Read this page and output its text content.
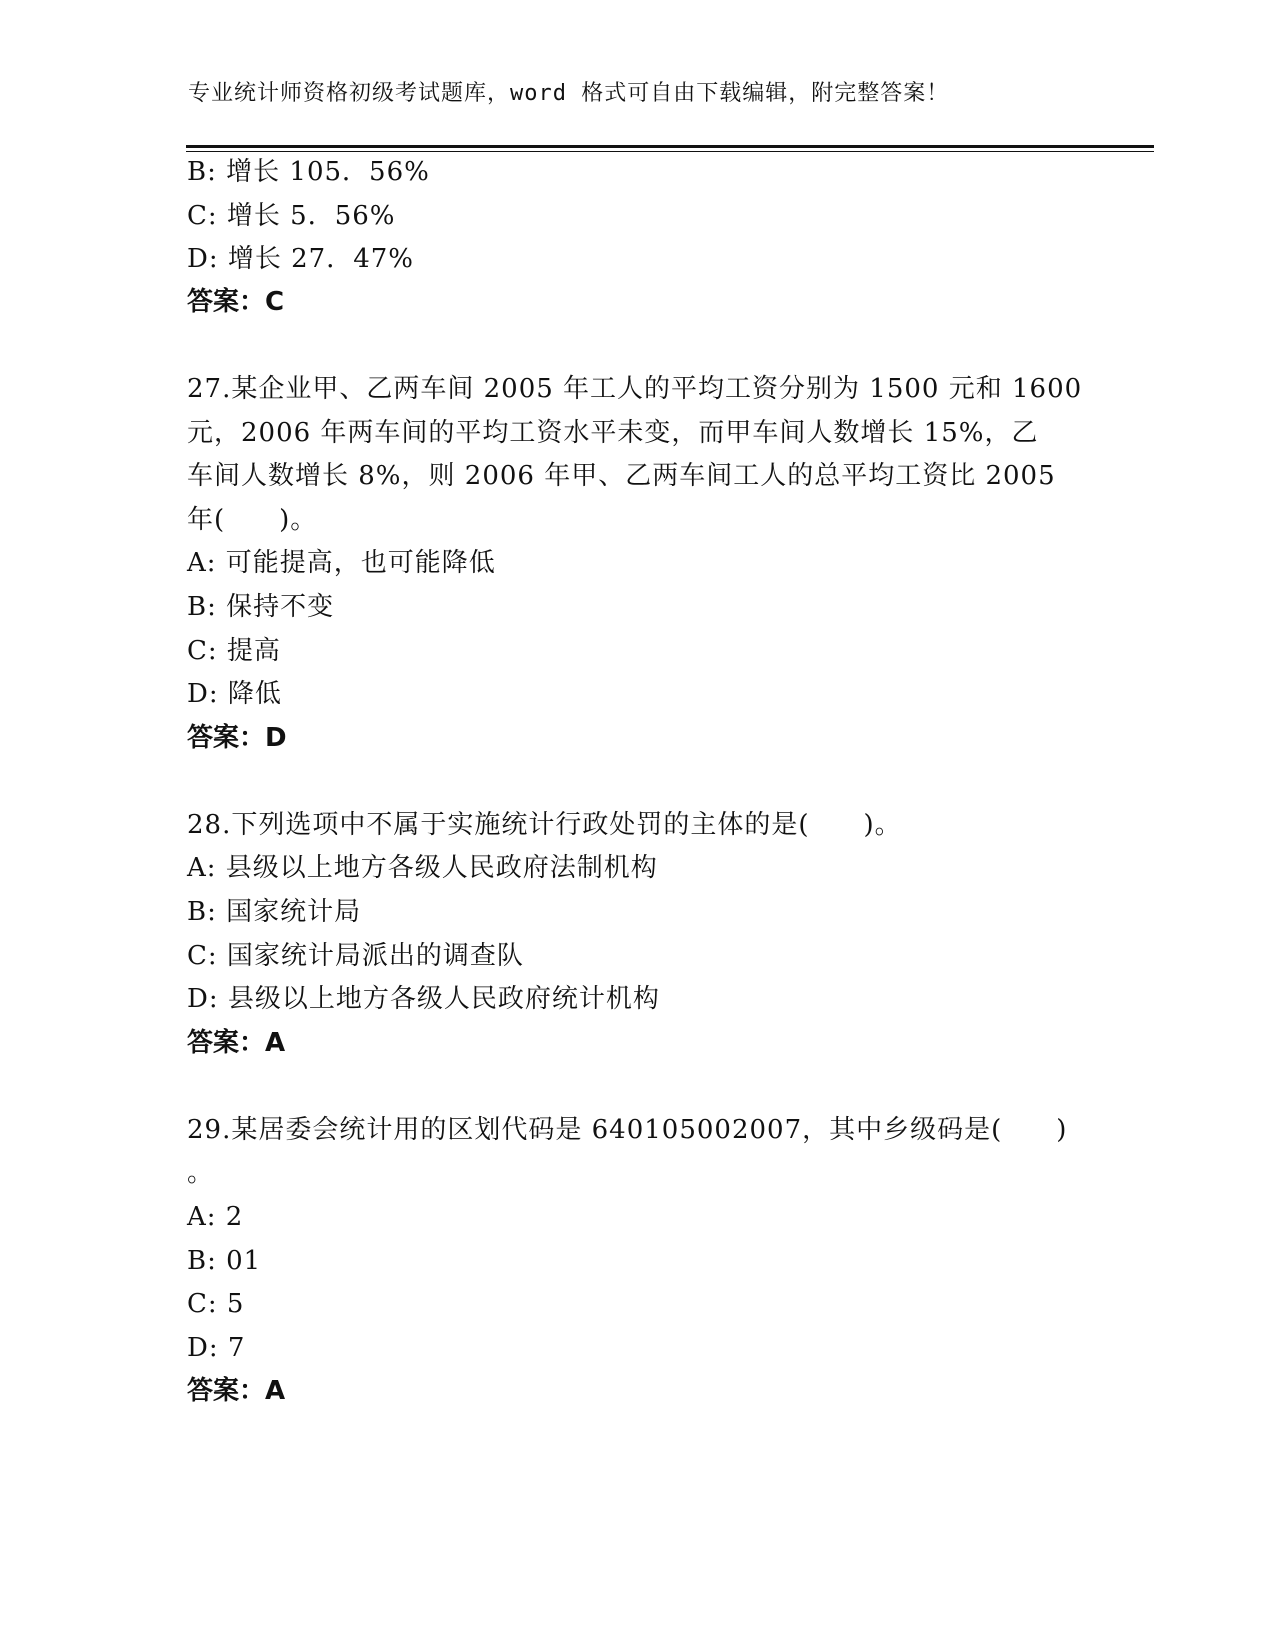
专业统计师资格初级考试题库，word 格式可自由下载编辑，附完整答案！
B: 增长 105．56%
C: 增长 5．56%
D: 增长 27．47%
答案：C
27.某企业甲、乙两车间 2005 年工人的平均工资分别为 1500 元和 1600
元，2006 年两车间的平均工资水平未变，而甲车间人数增长 15%，乙
车间人数增长 8%，则 2006 年甲、乙两车间工人的总平均工资比 2005
年(　　)。
A: 可能提高，也可能降低
B: 保持不变
C: 提高
D: 降低
答案：D
28.下列选项中不属于实施统计行政处罚的主体的是(　　)。
A: 县级以上地方各级人民政府法制机构
B: 国家统计局
C: 国家统计局派出的调查队
D: 县级以上地方各级人民政府统计机构
答案：A
29.某居委会统计用的区划代码是 640105002007，其中乡级码是(　　)
。
A: 2
B: 01
C: 5
D: 7
答案：A
